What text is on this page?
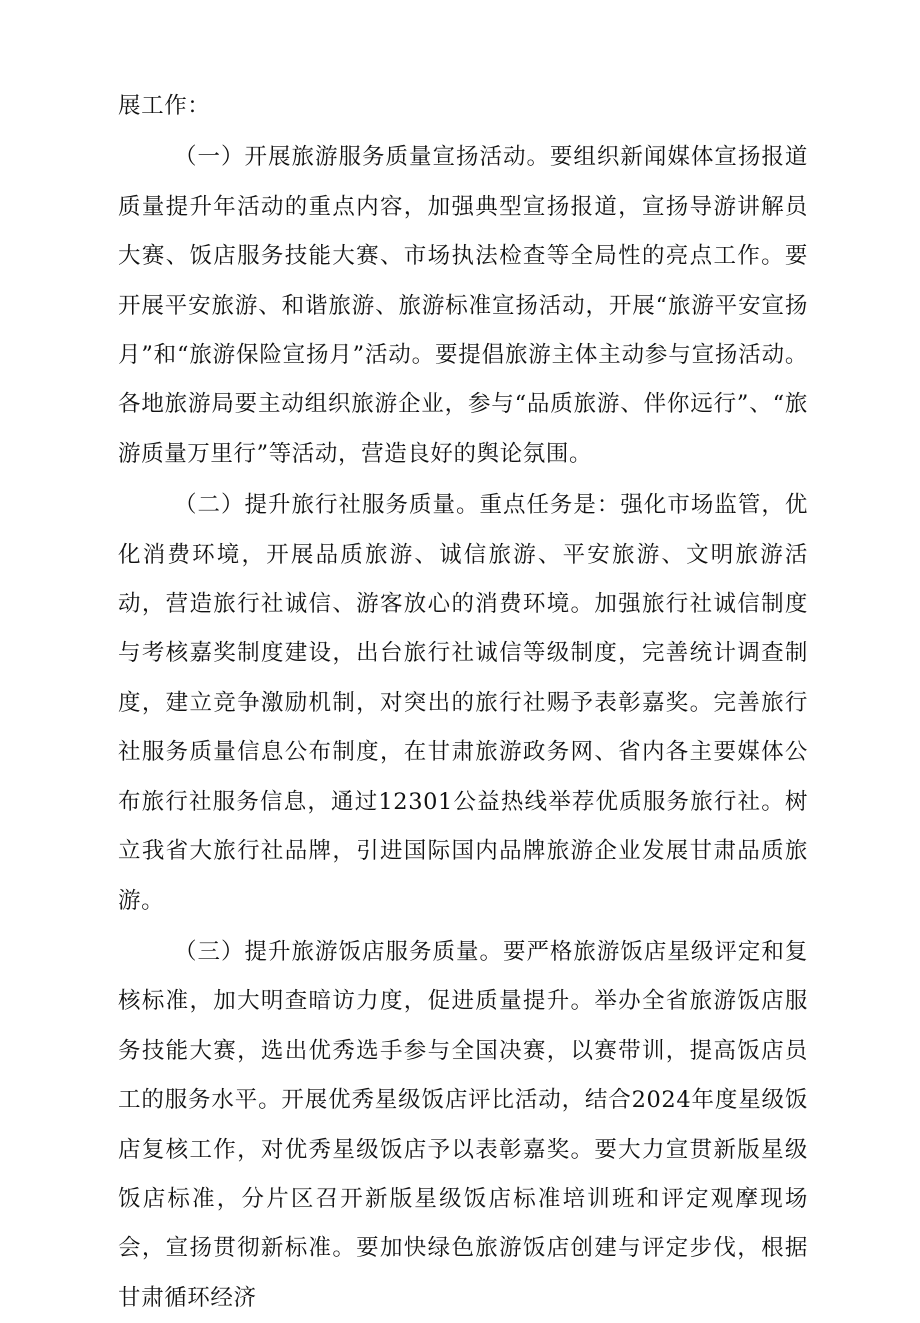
展工作：

（一）开展旅游服务质量宣扬活动。要组织新闻媒体宣扬报道质量提升年活动的重点内容，加强典型宣扬报道，宣扬导游讲解员大赛、饭店服务技能大赛、市场执法检查等全局性的亮点工作。要开展平安旅游、和谐旅游、旅游标准宣扬活动，开展“旅游平安宣扬月”和“旅游保险宣扬月”活动。要提倡旅游主体主动参与宣扬活动。各地旅游局要主动组织旅游企业，参与“品质旅游、伴你远行”、“旅游质量万里行”等活动，营造良好的舆论氛围。

（二）提升旅行社服务质量。重点任务是：强化市场监管，优化消费环境，开展品质旅游、诚信旅游、平安旅游、文明旅游活动，营造旅行社诚信、游客放心的消费环境。加强旅行社诚信制度与考核嘉奖制度建设，出台旅行社诚信等级制度，完善统计调查制度，建立竞争激励机制，对突出的旅行社赐予表彰嘉奖。完善旅行社服务质量信息公布制度，在甘肃旅游政务网、省内各主要媒体公布旅行社服务信息，通过12301公益热线举荐优质服务旅行社。树立我省大旅行社品牌，引进国际国内品牌旅游企业发展甘肃品质旅游。

（三）提升旅游饭店服务质量。要严格旅游饭店星级评定和复核标准，加大明查暗访力度，促进质量提升。举办全省旅游饭店服务技能大赛，选出优秀选手参与全国决赛，以赛带训，提高饭店员工的服务水平。开展优秀星级饭店评比活动，结合2024年度星级饭店复核工作，对优秀星级饭店予以表彰嘉奖。要大力宣贯新版星级饭店标准，分片区召开新版星级饭店标准培训班和评定观摩现场会，宣扬贯彻新标准。要加快绿色旅游饭店创建与评定步伐，根据甘肃循环经济
